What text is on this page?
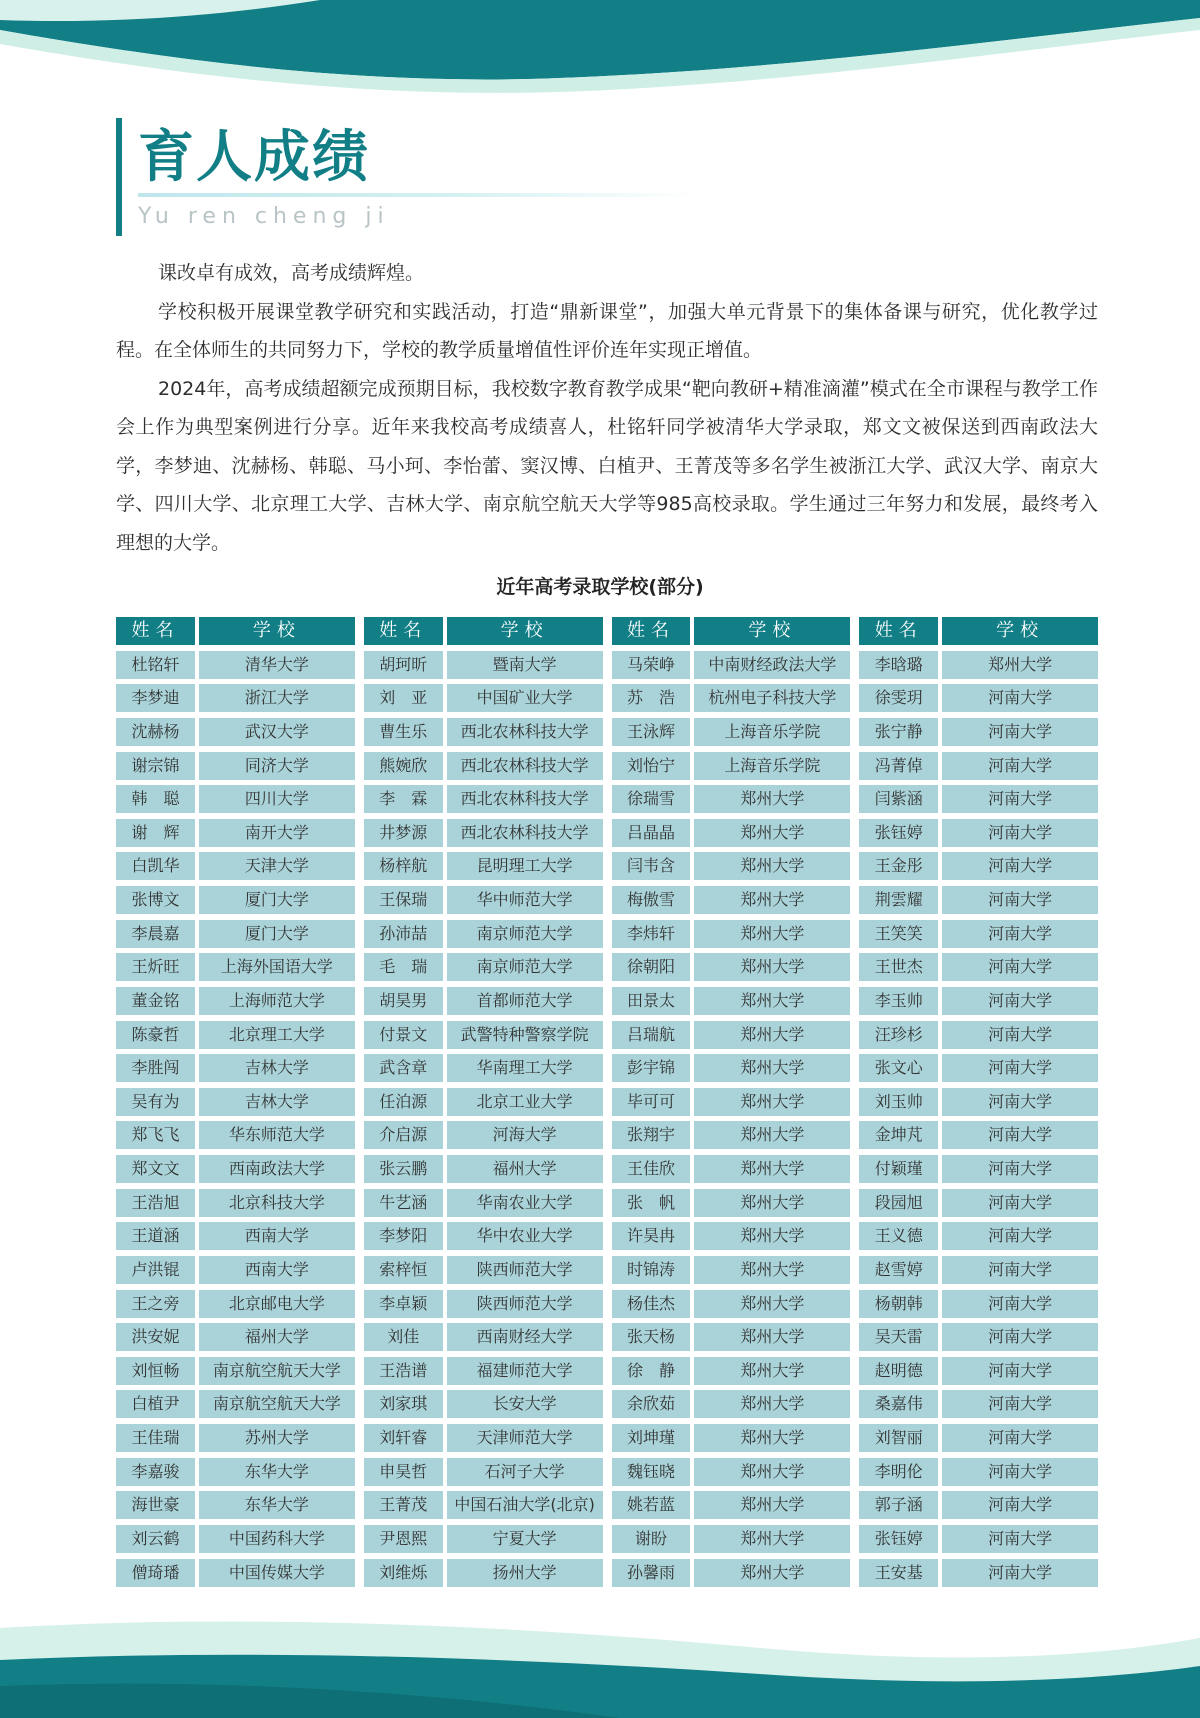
育人成绩
Yu ren cheng ji

课改卓有成效，高考成绩辉煌。

学校积极开展课堂教学研究和实践活动，打造“鼎新课堂”，加强大单元背景下的集体备课与研究，优化教学过程。在全体师生的共同努力下，学校的教学质量增值性评价连年实现正增值。

2024年，高考成绩超额完成预期目标，我校数字教育教学成果“靶向教研+精准滴灌”模式在全市课程与教学工作会上作为典型案例进行分享。近年来我校高考成绩喜人，杜铭轩同学被清华大学录取，郑文文被保送到西南政法大学，李梦迪、沈赫杨、韩聪、马小珂、李怡蕾、窦汉博、白植尹、王菁茂等多名学生被浙江大学、武汉大学、南京大学、四川大学、北京理工大学、吉林大学、南京航空航天大学等985高校录取。学生通过三年努力和发展，最终考入理想的大学。

近年高考录取学校(部分)
姓名	学校	姓名	学校	姓名	学校	姓名	学校
杜铭轩	清华大学	胡珂昕	暨南大学	马荣峥	中南财经政法大学	李晗璐	郑州大学
李梦迪	浙江大学	刘　亚	中国矿业大学	苏　浩	杭州电子科技大学	徐雯玥	河南大学
沈赫杨	武汉大学	曹生乐	西北农林科技大学	王泳辉	上海音乐学院	张宁静	河南大学
谢宗锦	同济大学	熊婉欣	西北农林科技大学	刘怡宁	上海音乐学院	冯菁倬	河南大学
韩　聪	四川大学	李　霖	西北农林科技大学	徐瑞雪	郑州大学	闫紫涵	河南大学
谢　辉	南开大学	井梦源	西北农林科技大学	吕晶晶	郑州大学	张钰婷	河南大学
白凯华	天津大学	杨梓航	昆明理工大学	闫韦含	郑州大学	王金彤	河南大学
张博文	厦门大学	王保瑞	华中师范大学	梅傲雪	郑州大学	荆雲耀	河南大学
李晨嘉	厦门大学	孙沛喆	南京师范大学	李炜轩	郑州大学	王笑笑	河南大学
王炘旺	上海外国语大学	毛　瑞	南京师范大学	徐朝阳	郑州大学	王世杰	河南大学
董金铭	上海师范大学	胡昊男	首都师范大学	田景太	郑州大学	李玉帅	河南大学
陈豪哲	北京理工大学	付景文	武警特种警察学院	吕瑞航	郑州大学	汪珍杉	河南大学
李胜闯	吉林大学	武含章	华南理工大学	彭宇锦	郑州大学	张文心	河南大学
吴有为	吉林大学	任泊源	北京工业大学	毕可可	郑州大学	刘玉帅	河南大学
郑飞飞	华东师范大学	介启源	河海大学	张翔宇	郑州大学	金坤芃	河南大学
郑文文	西南政法大学	张云鹏	福州大学	王佳欣	郑州大学	付颖瑾	河南大学
王浩旭	北京科技大学	牛艺涵	华南农业大学	张　帆	郑州大学	段园旭	河南大学
王道涵	西南大学	李梦阳	华中农业大学	许昊冉	郑州大学	王义德	河南大学
卢洪锟	西南大学	索梓恒	陕西师范大学	时锦涛	郑州大学	赵雪婷	河南大学
王之旁	北京邮电大学	李卓颖	陕西师范大学	杨佳杰	郑州大学	杨朝韩	河南大学
洪安妮	福州大学	刘佳	西南财经大学	张天杨	郑州大学	吴天雷	河南大学
刘恒畅	南京航空航天大学	王浩谱	福建师范大学	徐　静	郑州大学	赵明德	河南大学
白植尹	南京航空航天大学	刘家琪	长安大学	余欣茹	郑州大学	桑嘉伟	河南大学
王佳瑞	苏州大学	刘轩睿	天津师范大学	刘坤瑾	郑州大学	刘智丽	河南大学
李嘉骏	东华大学	申昊哲	石河子大学	魏钰晓	郑州大学	李明伦	河南大学
海世豪	东华大学	王菁茂	中国石油大学(北京)	姚若蓝	郑州大学	郭子涵	河南大学
刘云鹤	中国药科大学	尹恩熙	宁夏大学	谢盼	郑州大学	张钰婷	河南大学
僧琦璠	中国传媒大学	刘维烁	扬州大学	孙馨雨	郑州大学	王安基	河南大学
